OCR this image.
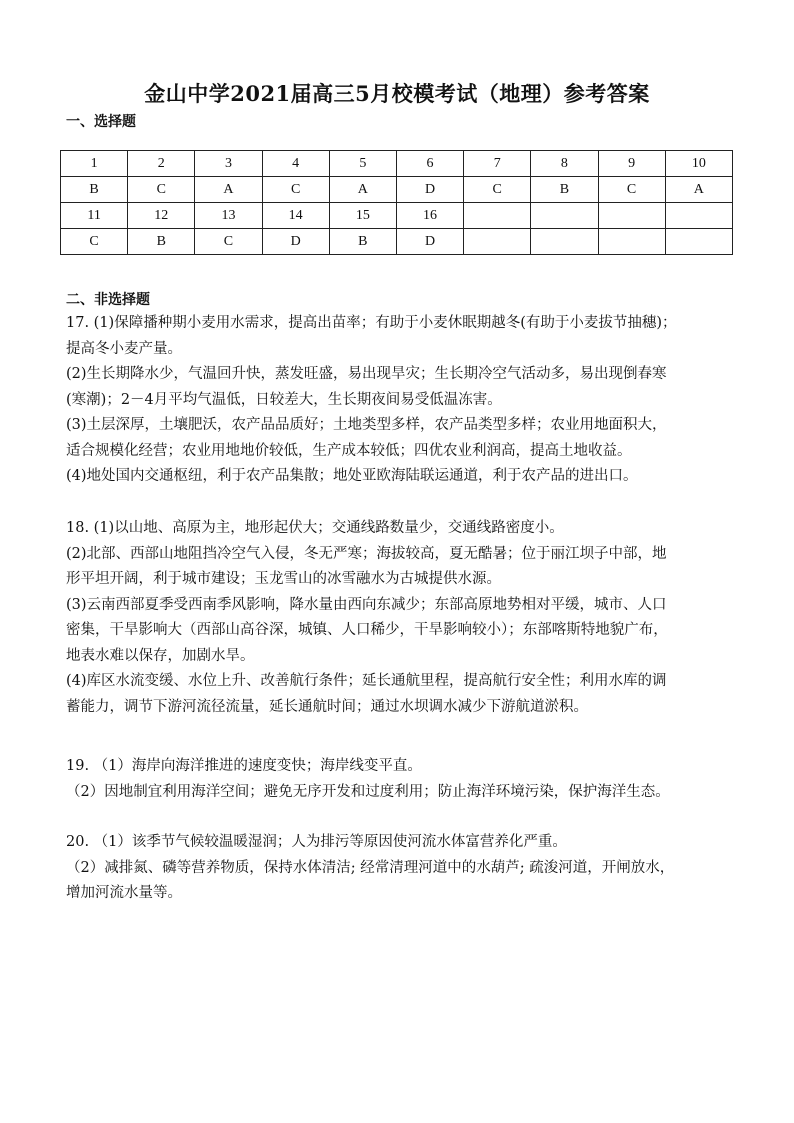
金山中学2021届高三5月校模考试（地理）参考答案
一、选择题
1	2	3	4	5	6	7	8	9	10
B	C	A	C	A	D	C	B	C	A
11	12	13	14	15	16				
C	B	C	D	B	D				
二、非选择题

17. (1)保障播种期小麦用水需求，提高出苗率；有助于小麦休眠期越冬(有助于小麦拔节抽穗)；

提高冬小麦产量。

(2)生长期降水少，气温回升快，蒸发旺盛，易出现旱灾；生长期冷空气活动多，易出现倒春寒

(寒潮)；2－4月平均气温低，日较差大，生长期夜间易受低温冻害。

(3)土层深厚，土壤肥沃，农产品品质好；土地类型多样，农产品类型多样；农业用地面积大，

适合规模化经营；农业用地地价较低，生产成本较低；四优农业利润高，提高土地收益。

(4)地处国内交通枢纽，利于农产品集散；地处亚欧海陆联运通道，利于农产品的进出口。

18. (1)以山地、高原为主，地形起伏大；交通线路数量少，交通线路密度小。

(2)北部、西部山地阻挡冷空气入侵，冬无严寒；海拔较高，夏无酷暑；位于丽江坝子中部，地

形平坦开阔，利于城市建设；玉龙雪山的冰雪融水为古城提供水源。

(3)云南西部夏季受西南季风影响，降水量由西向东减少；东部高原地势相对平缓，城市、人口

密集，干旱影响大（西部山高谷深，城镇、人口稀少，干旱影响较小）；东部喀斯特地貌广布，

地表水难以保存，加剧水旱。

(4)库区水流变缓、水位上升、改善航行条件；延长通航里程，提高航行安全性；利用水库的调

蓄能力，调节下游河流径流量，延长通航时间；通过水坝调水减少下游航道淤积。

19. （1）海岸向海洋推进的速度变快；海岸线变平直。

（2）因地制宜利用海洋空间；避免无序开发和过度利用；防止海洋环境污染，保护海洋生态。

20. （1）该季节气候较温暖湿润；人为排污等原因使河流水体富营养化严重。

（2）减排氮、磷等营养物质，保持水体清洁; 经常清理河道中的水葫芦; 疏浚河道，开闸放水，

增加河流水量等。
